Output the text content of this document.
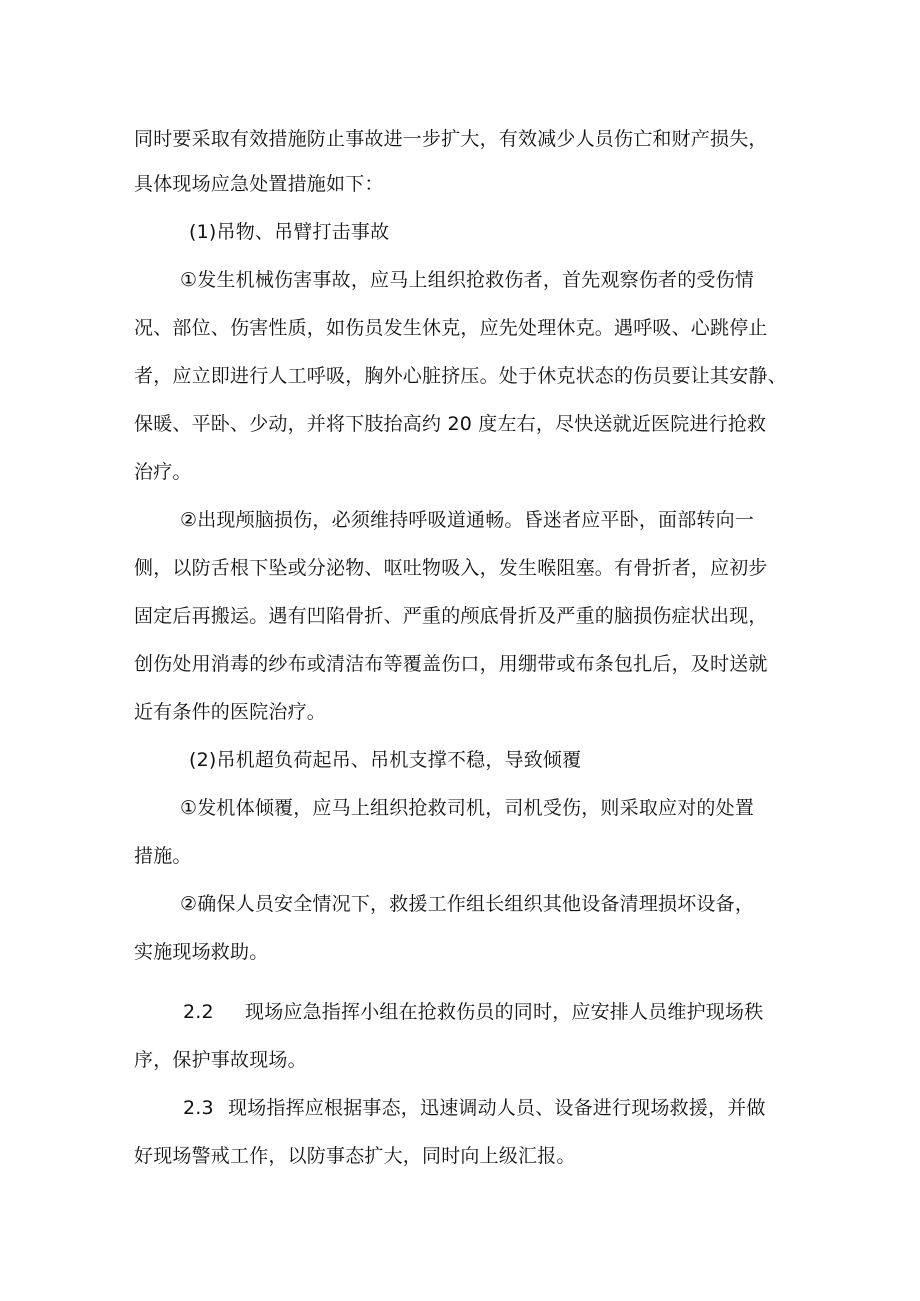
同时要采取有效措施防止事故进一步扩大，有效减少人员伤亡和财产损失，
具体现场应急处置措施如下：
(1)吊物、吊臂打击事故
①发生机械伤害事故，应马上组织抢救伤者，首先观察伤者的受伤情
况、部位、伤害性质，如伤员发生休克，应先处理休克。遇呼吸、心跳停止
者，应立即进行人工呼吸，胸外心脏挤压。处于休克状态的伤员要让其安静、
保暖、平卧、少动，并将下肢抬高约 20 度左右，尽快送就近医院进行抢救
治疗。
②出现颅脑损伤，必须维持呼吸道通畅。昏迷者应平卧，面部转向一
侧，以防舌根下坠或分泌物、呕吐物吸入，发生喉阻塞。有骨折者，应初步
固定后再搬运。遇有凹陷骨折、严重的颅底骨折及严重的脑损伤症状出现，
创伤处用消毒的纱布或清洁布等覆盖伤口，用绷带或布条包扎后，及时送就
近有条件的医院治疗。
(2)吊机超负荷起吊、吊机支撑不稳，导致倾覆
①发机体倾覆，应马上组织抢救司机，司机受伤，则采取应对的处置
措施。
②确保人员安全情况下，救援工作组长组织其他设备清理损坏设备，
实施现场救助。
2.2 现场应急指挥小组在抢救伤员的同时，应安排人员维护现场秩
序，保护事故现场。
2.3 现场指挥应根据事态，迅速调动人员、设备进行现场救援，并做
好现场警戒工作，以防事态扩大，同时向上级汇报。
